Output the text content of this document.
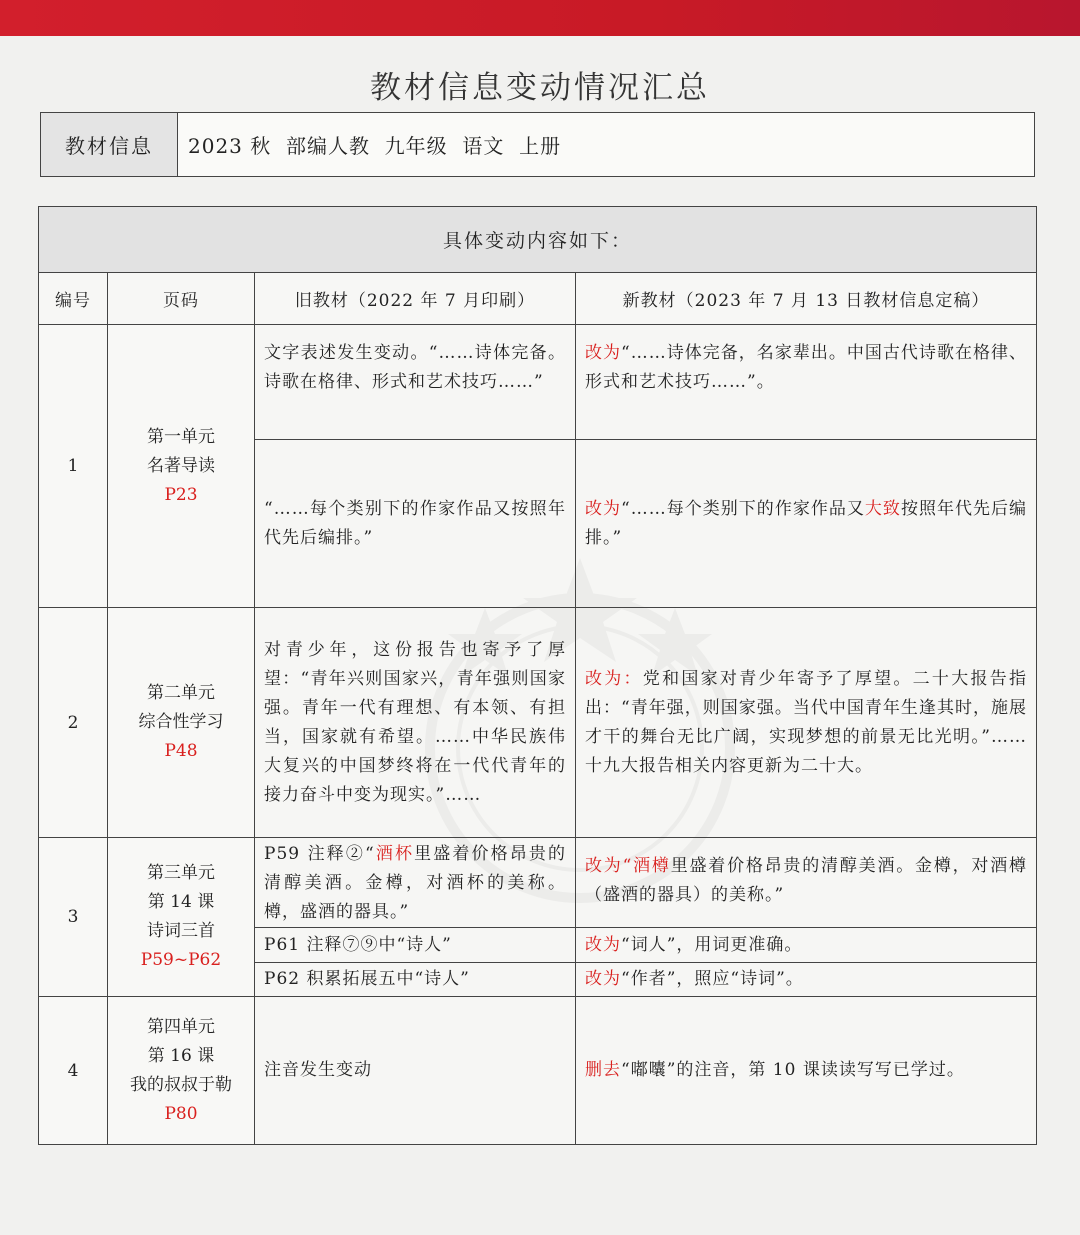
教材信息变动情况汇总
教材信息	2023 秋  部编人教  九年级  语文  上册
具体变动内容如下：			
编号	页码	旧教材（2022 年 7 月印刷）	新教材（2023 年 7 月 13 日教材信息定稿）
1	第一单元
名著导读
P23	文字表述发生变动。“……诗体完备。诗歌在格律、形式和艺术技巧……”	改为“……诗体完备，名家辈出。中国古代诗歌在格律、形式和艺术技巧……”。
		“……每个类别下的作家作品又按照年代先后编排。”	改为“……每个类别下的作家作品又大致按照年代先后编排。”
2	第二单元
综合性学习
P48	对青少年，这份报告也寄予了厚望：“青年兴则国家兴，青年强则国家强。青年一代有理想、有本领、有担当，国家就有希望。……中华民族伟大复兴的中国梦终将在一代代青年的接力奋斗中变为现实。”……	改为：党和国家对青少年寄予了厚望。二十大报告指出：“青年强，则国家强。当代中国青年生逢其时，施展才干的舞台无比广阔，实现梦想的前景无比光明。”……十九大报告相关内容更新为二十大。
3	第三单元
第 14 课
诗词三首
P59~P62	P59 注释②“酒杯里盛着价格昂贵的清醇美酒。金樽，对酒杯的美称。樽，盛酒的器具。”	改为“酒樽里盛着价格昂贵的清醇美酒。金樽，对酒樽（盛酒的器具）的美称。”
		P61 注释⑦⑨中“诗人”	改为“词人”，用词更准确。
		P62 积累拓展五中“诗人”	改为“作者”，照应“诗词”。
4	第四单元
第 16 课
我的叔叔于勒
P80	注音发生变动	删去“嘟囔”的注音，第 10 课读读写写已学过。
